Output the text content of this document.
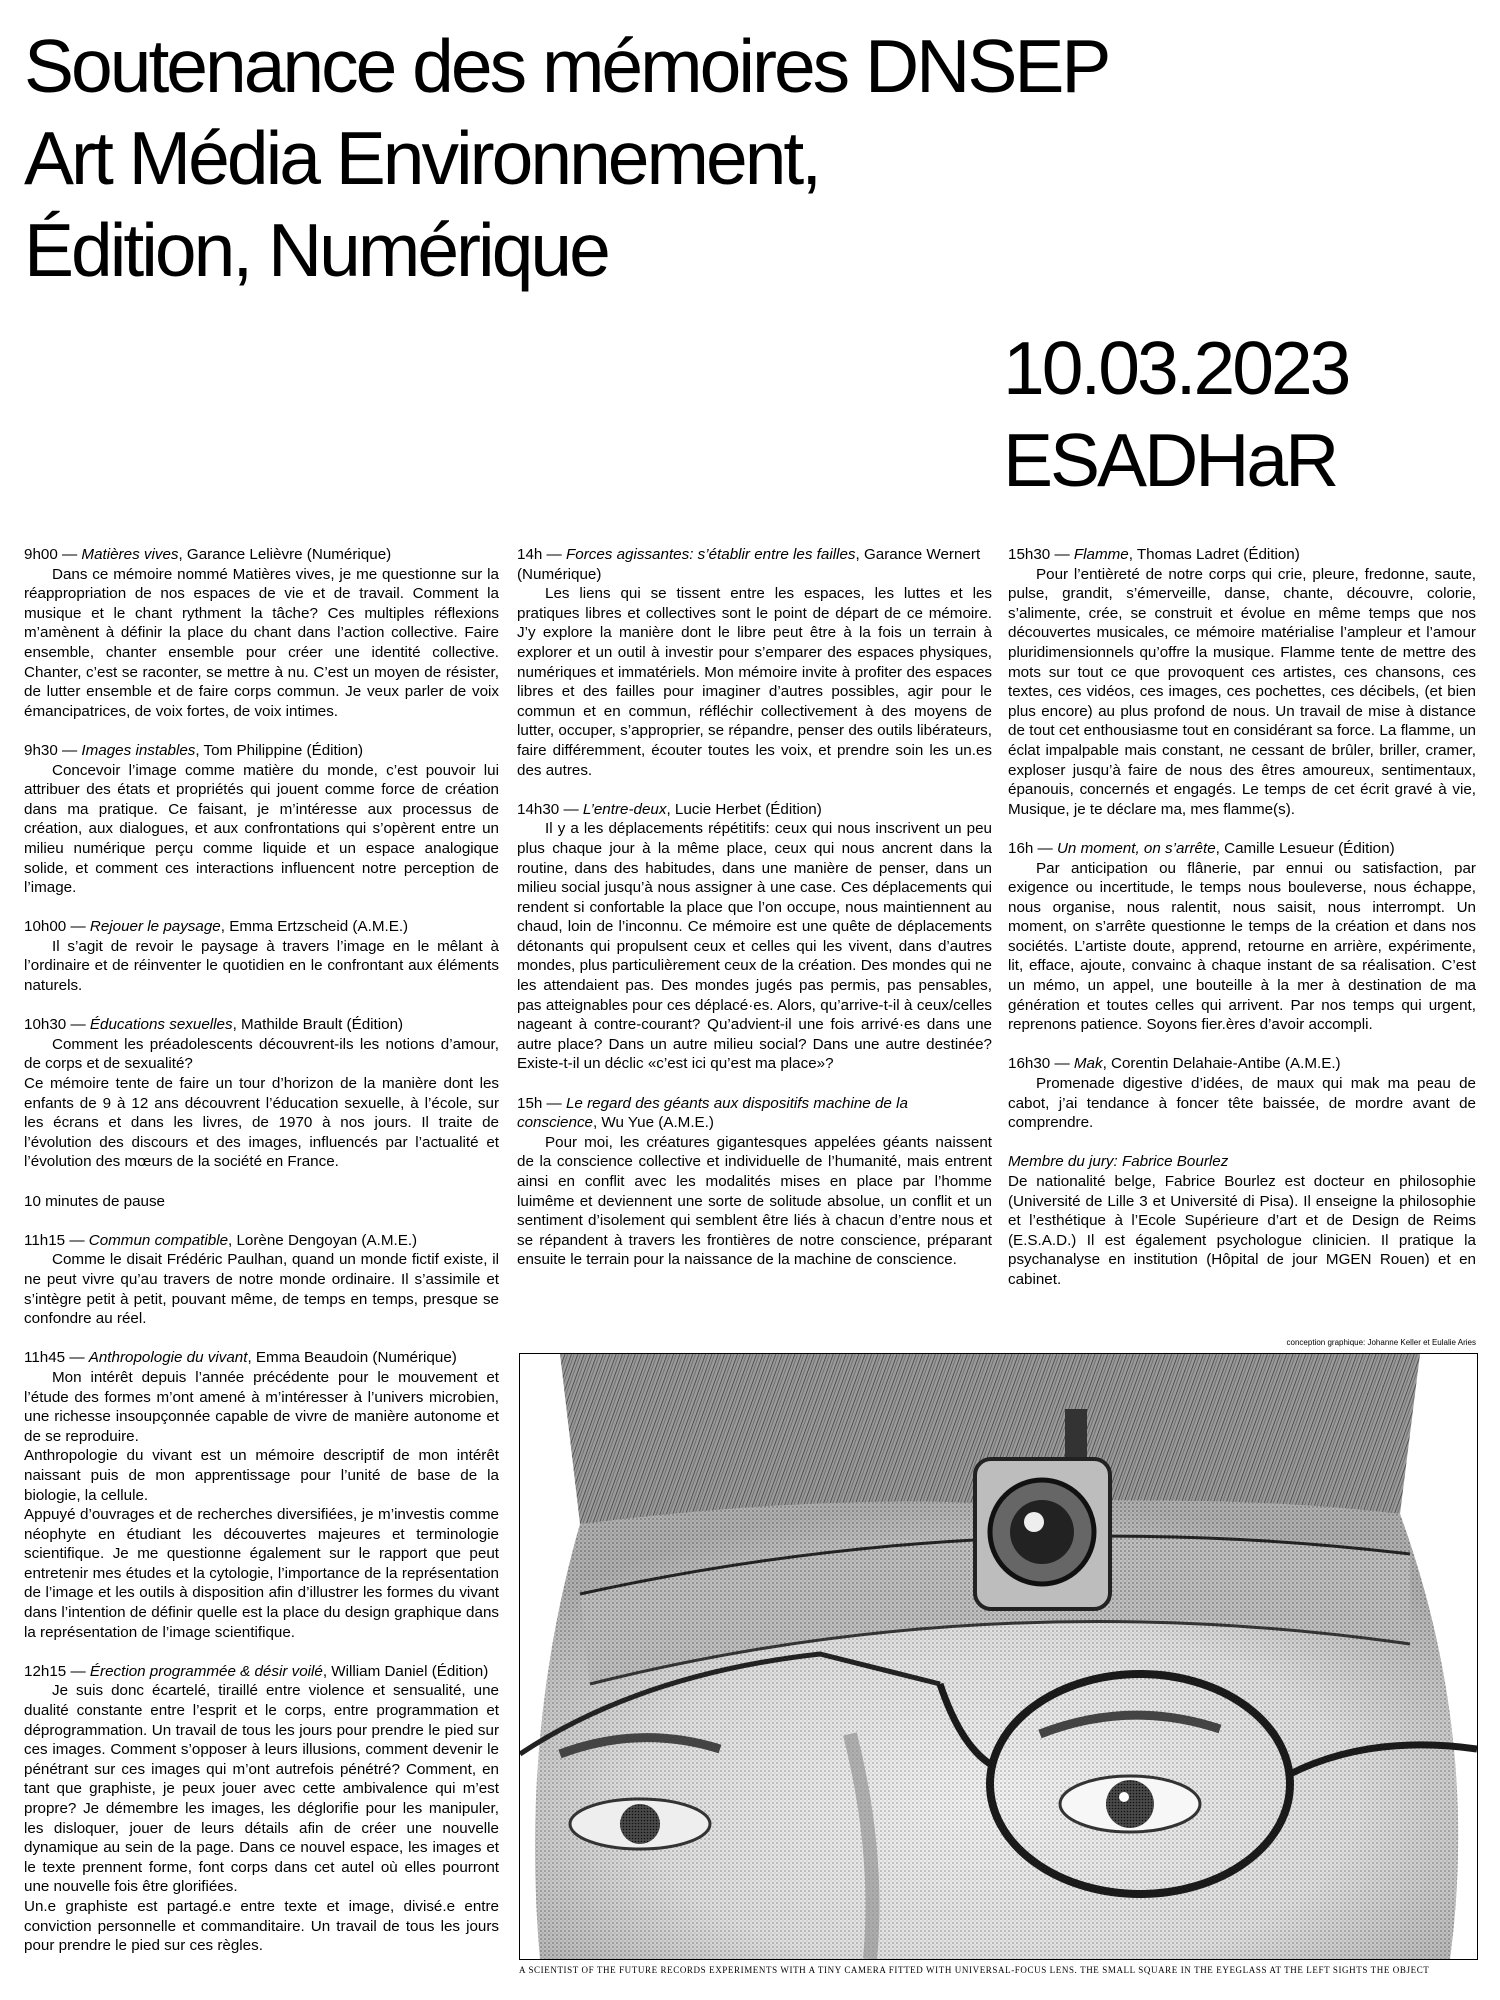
Soutenance des mémoires DNSEP
Art Média Environnement,
Édition, Numérique
10.03.2023
ESADHaR

9h00 — Matières vives, Garance Lelièvre (Numérique)

Dans ce mémoire nommé Matières vives, je me questionne sur la réappropriation de nos espaces de vie et de travail. Comment la musique et le chant rythment la tâche? Ces multiples réflexions m’amènent à définir la place du chant dans l’action collective. Faire ensemble, chanter ensemble pour créer une identité collective. Chanter, c’est se raconter, se mettre à nu. C’est un moyen de résister, de lutter ensemble et de faire corps commun. Je veux parler de voix émancipatrices, de voix fortes, de voix intimes.

9h30 — Images instables, Tom Philippine (Édition)

Concevoir l’image comme matière du monde, c’est pouvoir lui attribuer des états et propriétés qui jouent comme force de création dans ma pratique. Ce faisant, je m’intéresse aux processus de création, aux dialogues, et aux confrontations qui s’opèrent entre un milieu numérique perçu comme liquide et un espace analogique solide, et comment ces interactions influencent notre perception de l’image.

10h00 — Rejouer le paysage, Emma Ertzscheid (A.M.E.)

Il s’agit de revoir le paysage à travers l’image en le mêlant à l’ordinaire et de réinventer le quotidien en le confrontant aux éléments naturels.

10h30 — Éducations sexuelles, Mathilde Brault (Édition)

Comment les préadolescents découvrent-ils les notions d’amour, de corps et de sexualité?

Ce mémoire tente de faire un tour d’horizon de la manière dont les enfants de 9 à 12 ans découvrent l’éducation sexuelle, à l’école, sur les écrans et dans les livres, de 1970 à nos jours. Il traite de l’évolution des discours et des images, influencés par l’actualité et l’évolution des mœurs de la société en France.

10 minutes de pause

11h15 — Commun compatible, Lorène Dengoyan (A.M.E.)

Comme le disait Frédéric Paulhan, quand un monde fictif existe, il ne peut vivre qu’au travers de notre monde ordinaire. Il s’assimile et s’intègre petit à petit, pouvant même, de temps en temps, presque se confondre au réel.

11h45 — Anthropologie du vivant, Emma Beaudoin (Numérique)

Mon intérêt depuis l’année précédente pour le mouvement et l’étude des formes m’ont amené à m’intéresser à l’univers microbien, une richesse insoupçonnée capable de vivre de manière autonome et de se reproduire.

Anthropologie du vivant est un mémoire descriptif de mon intérêt naissant puis de mon apprentissage pour l’unité de base de la biologie, la cellule.

Appuyé d’ouvrages et de recherches diversifiées, je m’investis comme néophyte en étudiant les découvertes majeures et terminologie scientifique. Je me questionne également sur le rapport que peut entretenir mes études et la cytologie, l’importance de la représentation de l’image et les outils à disposition afin d’illustrer les formes du vivant dans l’intention de définir quelle est la place du design graphique dans la représentation de l’image scientifique.

12h15 — Érection programmée & désir voilé, William Daniel (Édition)

Je suis donc écartelé, tiraillé entre violence et sensualité, une dualité constante entre l’esprit et le corps, entre programmation et déprogrammation. Un travail de tous les jours pour prendre le pied sur ces images. Comment s’opposer à leurs illusions, comment devenir le pénétrant sur ces images qui m’ont autrefois pénétré? Comment, en tant que graphiste, je peux jouer avec cette ambivalence qui m’est propre? Je démembre les images, les déglorifie pour les manipuler, les disloquer, jouer de leurs détails afin de créer une nouvelle dynamique au sein de la page. Dans ce nouvel espace, les images et le texte prennent forme, font corps dans cet autel où elles pourront une nouvelle fois être glorifiées.

Un.e graphiste est partagé.e entre texte et image, divisé.e entre conviction personnelle et commanditaire. Un travail de tous les jours pour prendre le pied sur ces règles.

14h — Forces agissantes: s’établir entre les failles, Garance Wernert (Numérique)

Les liens qui se tissent entre les espaces, les luttes et les pratiques libres et collectives sont le point de départ de ce mémoire. J’y explore la manière dont le libre peut être à la fois un terrain à explorer et un outil à investir pour s’emparer des espaces physiques, numériques et immatériels. Mon mémoire invite à profiter des espaces libres et des failles pour imaginer d’autres possibles, agir pour le commun et en commun, réfléchir collectivement à des moyens de lutter, occuper, s’approprier, se répandre, penser des outils libérateurs, faire différemment, écouter toutes les voix, et prendre soin les un.es des autres.

14h30 — L’entre-deux, Lucie Herbet (Édition)

Il y a les déplacements répétitifs: ceux qui nous inscrivent un peu plus chaque jour à la même place, ceux qui nous ancrent dans la routine, dans des habitudes, dans une manière de penser, dans un milieu social jusqu’à nous assigner à une case. Ces déplacements qui rendent si confortable la place que l’on occupe, nous maintiennent au chaud, loin de l’inconnu. Ce mémoire est une quête de déplacements détonants qui propulsent ceux et celles qui les vivent, dans d’autres mondes, plus particulièrement ceux de la création. Des mondes qui ne les attendaient pas. Des mondes jugés pas permis, pas pensables, pas atteignables pour ces déplacé·es. Alors, qu’arrive-t-il à ceux/celles nageant à contre-courant? Qu’advient-il une fois arrivé·es dans une autre place? Dans un autre milieu social? Dans une autre destinée? Existe-t-il un déclic «c’est ici qu’est ma place»?

15h — Le regard des géants aux dispositifs machine de la conscience, Wu Yue (A.M.E.)

Pour moi, les créatures gigantesques appelées géants naissent de la conscience collective et individuelle de l’humanité, mais entrent ainsi en conflit avec les modalités mises en place par l’homme luimême et deviennent une sorte de solitude absolue, un conflit et un sentiment d’isolement qui semblent être liés à chacun d’entre nous et se répandent à travers les frontières de notre conscience, préparant ensuite le terrain pour la naissance de la machine de conscience.

15h30 — Flamme, Thomas Ladret (Édition)

Pour l’entièreté de notre corps qui crie, pleure, fredonne, saute, pulse, grandit, s’émerveille, danse, chante, découvre, colorie, s’alimente, crée, se construit et évolue en même temps que nos découvertes musicales, ce mémoire matérialise l’ampleur et l’amour pluridimensionnels qu’offre la musique. Flamme tente de mettre des mots sur tout ce que provoquent ces artistes, ces chansons, ces textes, ces vidéos, ces images, ces pochettes, ces décibels, (et bien plus encore) au plus profond de nous. Un travail de mise à distance de tout cet enthousiasme tout en considérant sa force. La flamme, un éclat impalpable mais constant, ne cessant de brûler, briller, cramer, exploser jusqu’à faire de nous des êtres amoureux, sentimentaux, épanouis, concernés et engagés. Le temps de cet écrit gravé à vie, Musique, je te déclare ma, mes flamme(s).

16h — Un moment, on s’arrête, Camille Lesueur (Édition)

Par anticipation ou flânerie, par ennui ou satisfaction, par exigence ou incertitude, le temps nous bouleverse, nous échappe, nous organise, nous ralentit, nous saisit, nous interrompt. Un moment, on s’arrête questionne le temps de la création et dans nos sociétés. L’artiste doute, apprend, retourne en arrière, expérimente, lit, efface, ajoute, convainc à chaque instant de sa réalisation. C’est un mémo, un appel, une bouteille à la mer à destination de ma génération et toutes celles qui arrivent. Par nos temps qui urgent, reprenons patience. Soyons fier.ères d’avoir accompli.

16h30 — Mak, Corentin Delahaie-Antibe (A.M.E.)

Promenade digestive d’idées, de maux qui mak ma peau de cabot, j’ai tendance à foncer tête baissée, de mordre avant de comprendre.

Membre du jury: Fabrice Bourlez

De nationalité belge, Fabrice Bourlez est docteur en philosophie (Université de Lille 3 et Université di Pisa). Il enseigne la philosophie et l’esthétique à l’Ecole Supérieure d’art et de Design de Reims (E.S.A.D.) Il est également psychologue clinicien. Il pratique la psychanalyse en institution (Hôpital de jour MGEN Rouen) et en cabinet.

conception graphique: Johanne Keller et Eulalie Aries
A SCIENTIST OF THE FUTURE RECORDS EXPERIMENTS WITH A TINY CAMERA FITTED WITH UNIVERSAL-FOCUS LENS. THE SMALL SQUARE IN THE EYEGLASS AT THE LEFT SIGHTS THE OBJECT
